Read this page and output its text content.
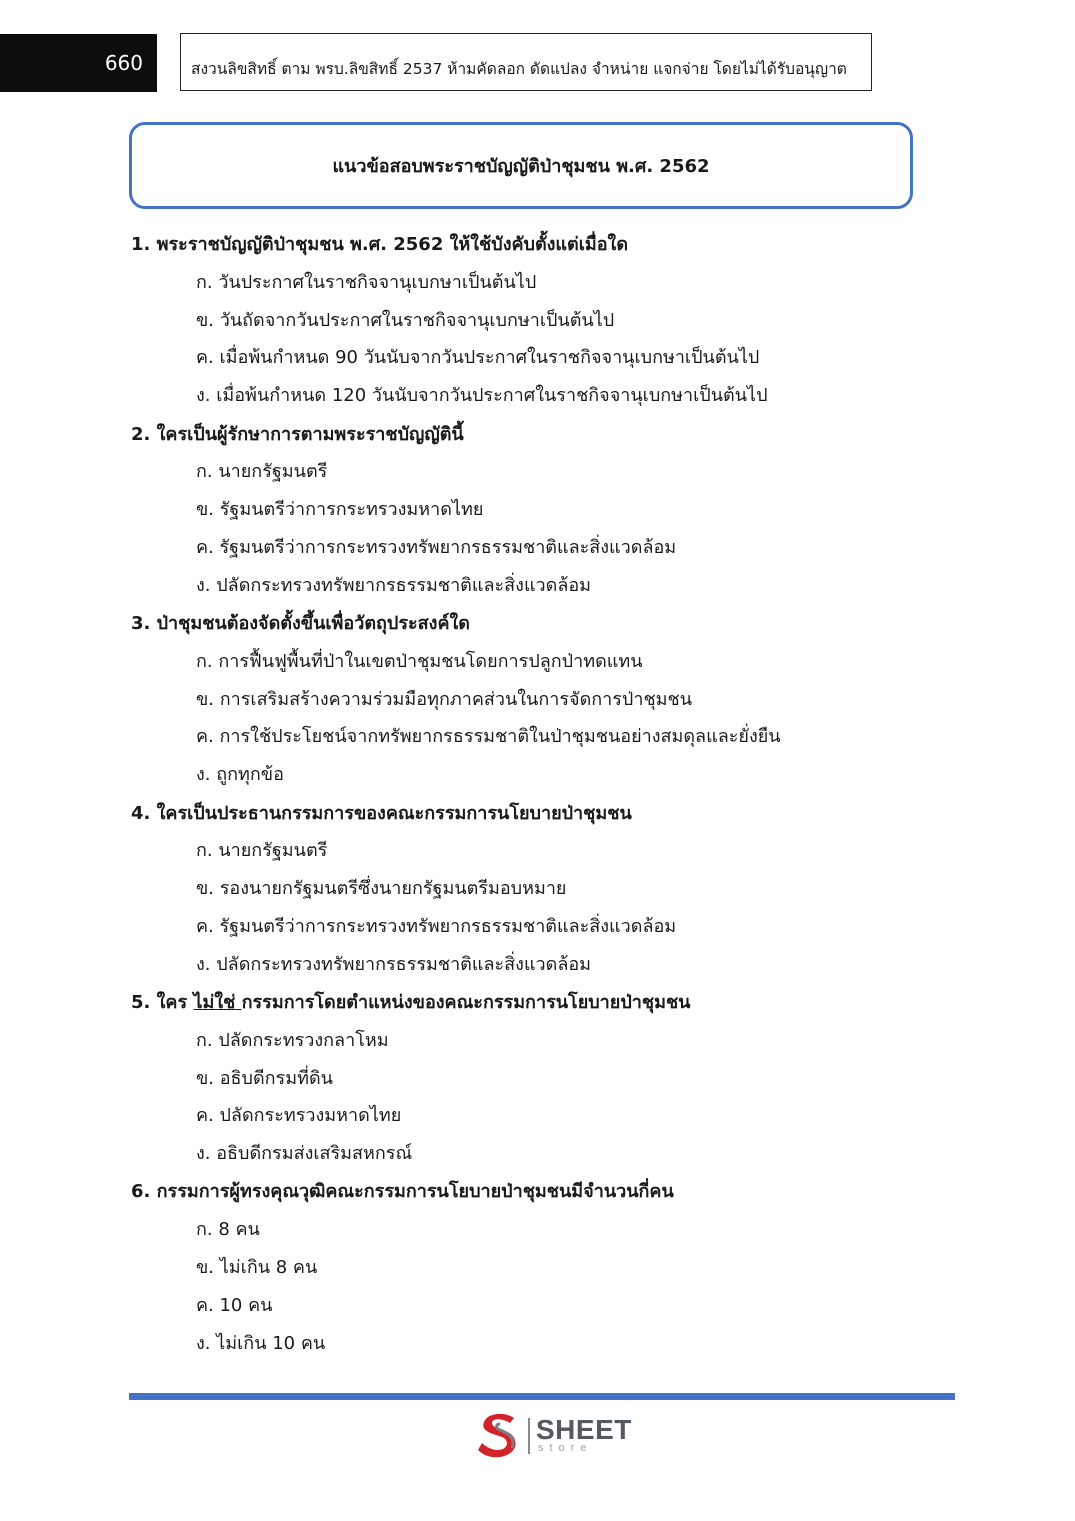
660	สงวนลิขสิทธิ์ ตาม พรบ.ลิขสิทธิ์ 2537 ห้ามคัดลอก ดัดแปลง จำหน่าย แจกจ่าย โดยไม่ได้รับอนุญาต
แนวข้อสอบพระราชบัญญัติป่าชุมชน พ.ศ. 2562
1. พระราชบัญญัติป่าชุมชน พ.ศ. 2562 ให้ใช้บังคับตั้งแต่เมื่อใด
ก. วันประกาศในราชกิจจานุเบกษาเป็นต้นไป
ข. วันถัดจากวันประกาศในราชกิจจานุเบกษาเป็นต้นไป
ค. เมื่อพ้นกำหนด 90 วันนับจากวันประกาศในราชกิจจานุเบกษาเป็นต้นไป
ง. เมื่อพ้นกำหนด 120 วันนับจากวันประกาศในราชกิจจานุเบกษาเป็นต้นไป
2. ใครเป็นผู้รักษาการตามพระราชบัญญัตินี้
ก. นายกรัฐมนตรี
ข. รัฐมนตรีว่าการกระทรวงมหาดไทย
ค. รัฐมนตรีว่าการกระทรวงทรัพยากรธรรมชาติและสิ่งแวดล้อม
ง. ปลัดกระทรวงทรัพยากรธรรมชาติและสิ่งแวดล้อม
3. ป่าชุมชนต้องจัดตั้งขึ้นเพื่อวัตถุประสงค์ใด
ก. การฟื้นฟูพื้นที่ป่าในเขตป่าชุมชนโดยการปลูกป่าทดแทน
ข. การเสริมสร้างความร่วมมือทุกภาคส่วนในการจัดการป่าชุมชน
ค. การใช้ประโยชน์จากทรัพยากรธรรมชาติในป่าชุมชนอย่างสมดุลและยั่งยืน
ง. ถูกทุกข้อ
4. ใครเป็นประธานกรรมการของคณะกรรมการนโยบายป่าชุมชน
ก. นายกรัฐมนตรี
ข. รองนายกรัฐมนตรีซึ่งนายกรัฐมนตรีมอบหมาย
ค. รัฐมนตรีว่าการกระทรวงทรัพยากรธรรมชาติและสิ่งแวดล้อม
ง. ปลัดกระทรวงทรัพยากรธรรมชาติและสิ่งแวดล้อม
5. ใคร ไม่ใช่ กรรมการโดยตำแหน่งของคณะกรรมการนโยบายป่าชุมชน
ก. ปลัดกระทรวงกลาโหม
ข. อธิบดีกรมที่ดิน
ค. ปลัดกระทรวงมหาดไทย
ง. อธิบดีกรมส่งเสริมสหกรณ์
6. กรรมการผู้ทรงคุณวุฒิคณะกรรมการนโยบายป่าชุมชนมีจำนวนกี่คน
ก. 8 คน
ข. ไม่เกิน 8 คน
ค. 10 คน
ง. ไม่เกิน 10 คน
SHEET
store
